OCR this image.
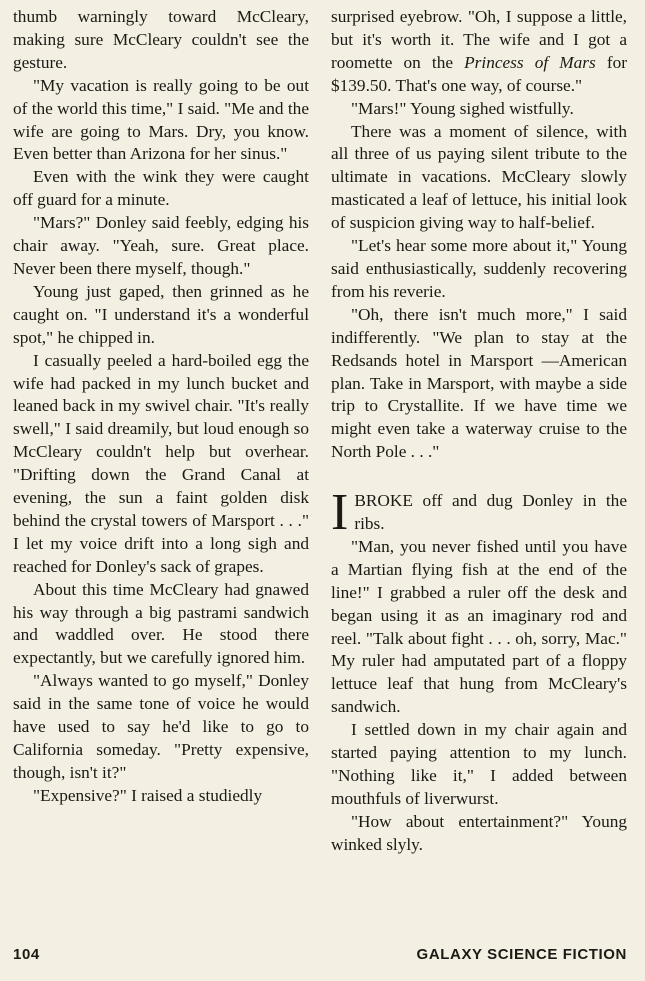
thumb warningly toward McCleary, making sure McCleary couldn't see the gesture.

"My vacation is really going to be out of the world this time," I said. "Me and the wife are going to Mars. Dry, you know. Even better than Arizona for her sinus."

Even with the wink they were caught off guard for a minute.

"Mars?" Donley said feebly, edging his chair away. "Yeah, sure. Great place. Never been there myself, though."

Young just gaped, then grinned as he caught on. "I understand it's a wonderful spot," he chipped in.

I casually peeled a hard-boiled egg the wife had packed in my lunch bucket and leaned back in my swivel chair. "It's really swell," I said dreamily, but loud enough so McCleary couldn't help but overhear. "Drifting down the Grand Canal at evening, the sun a faint golden disk behind the crystal towers of Marsport . . ." I let my voice drift into a long sigh and reached for Donley's sack of grapes.

About this time McCleary had gnawed his way through a big pastrami sandwich and waddled over. He stood there expectantly, but we carefully ignored him.

"Always wanted to go myself," Donley said in the same tone of voice he would have used to say he'd like to go to California someday. "Pretty expensive, though, isn't it?"

"Expensive?" I raised a studiedly

surprised eyebrow. "Oh, I suppose a little, but it's worth it. The wife and I got a roomette on the Princess of Mars for $139.50. That's one way, of course."

"Mars!" Young sighed wistfully.

There was a moment of silence, with all three of us paying silent tribute to the ultimate in vacations. McCleary slowly masticated a leaf of lettuce, his initial look of suspicion giving way to half-belief.

"Let's hear some more about it," Young said enthusiastically, suddenly recovering from his reverie.

"Oh, there isn't much more," I said indifferently. "We plan to stay at the Redsands hotel in Marsport —American plan. Take in Marsport, with maybe a side trip to Crystallite. If we have time we might even take a waterway cruise to the North Pole . . ."

IBROKE off and dug Donley in the ribs.

"Man, you never fished until you have a Martian flying fish at the end of the line!" I grabbed a ruler off the desk and began using it as an imaginary rod and reel. "Talk about fight . . . oh, sorry, Mac." My ruler had amputated part of a floppy lettuce leaf that hung from McCleary's sandwich.

I settled down in my chair again and started paying attention to my lunch. "Nothing like it," I added between mouthfuls of liverwurst.

"How about entertainment?" Young winked slyly.

104	GALAXY SCIENCE FICTION
